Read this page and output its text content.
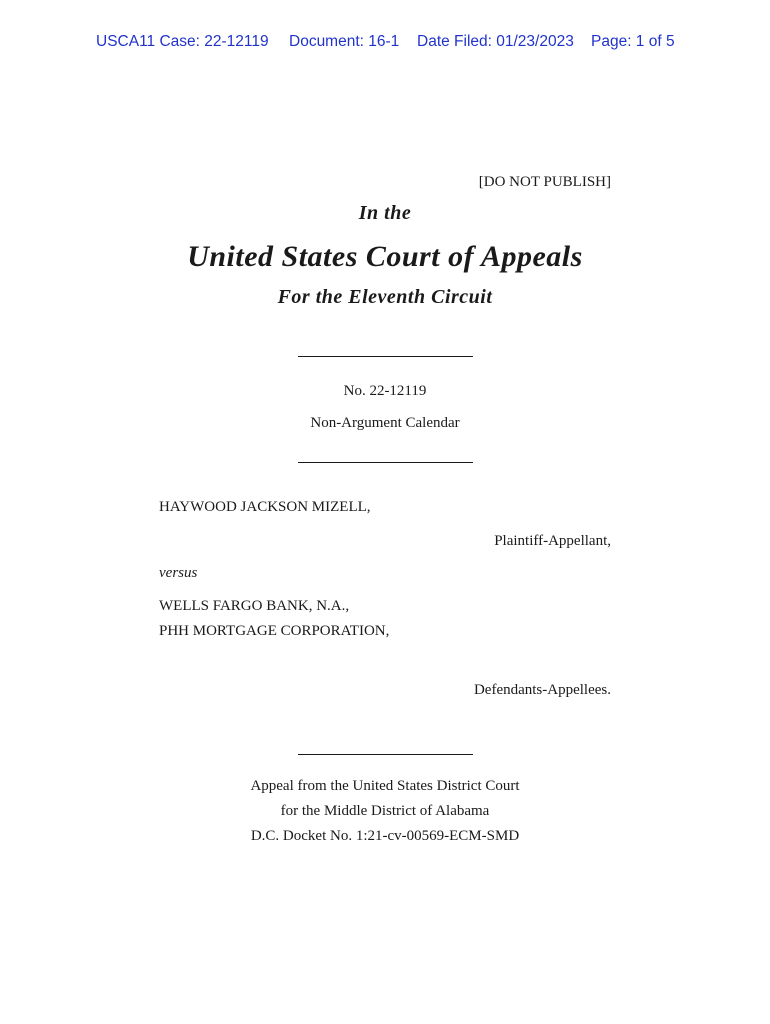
USCA11 Case: 22-12119 Document: 16-1 Date Filed: 01/23/2023 Page: 1 of 5
[DO NOT PUBLISH]
In the
United States Court of Appeals
For the Eleventh Circuit
No. 22-12119
Non-Argument Calendar
HAYWOOD JACKSON MIZELL,
Plaintiff-Appellant,
versus
WELLS FARGO BANK, N.A.,
PHH MORTGAGE CORPORATION,
Defendants-Appellees.
Appeal from the United States District Court
for the Middle District of Alabama
D.C. Docket No. 1:21-cv-00569-ECM-SMD
